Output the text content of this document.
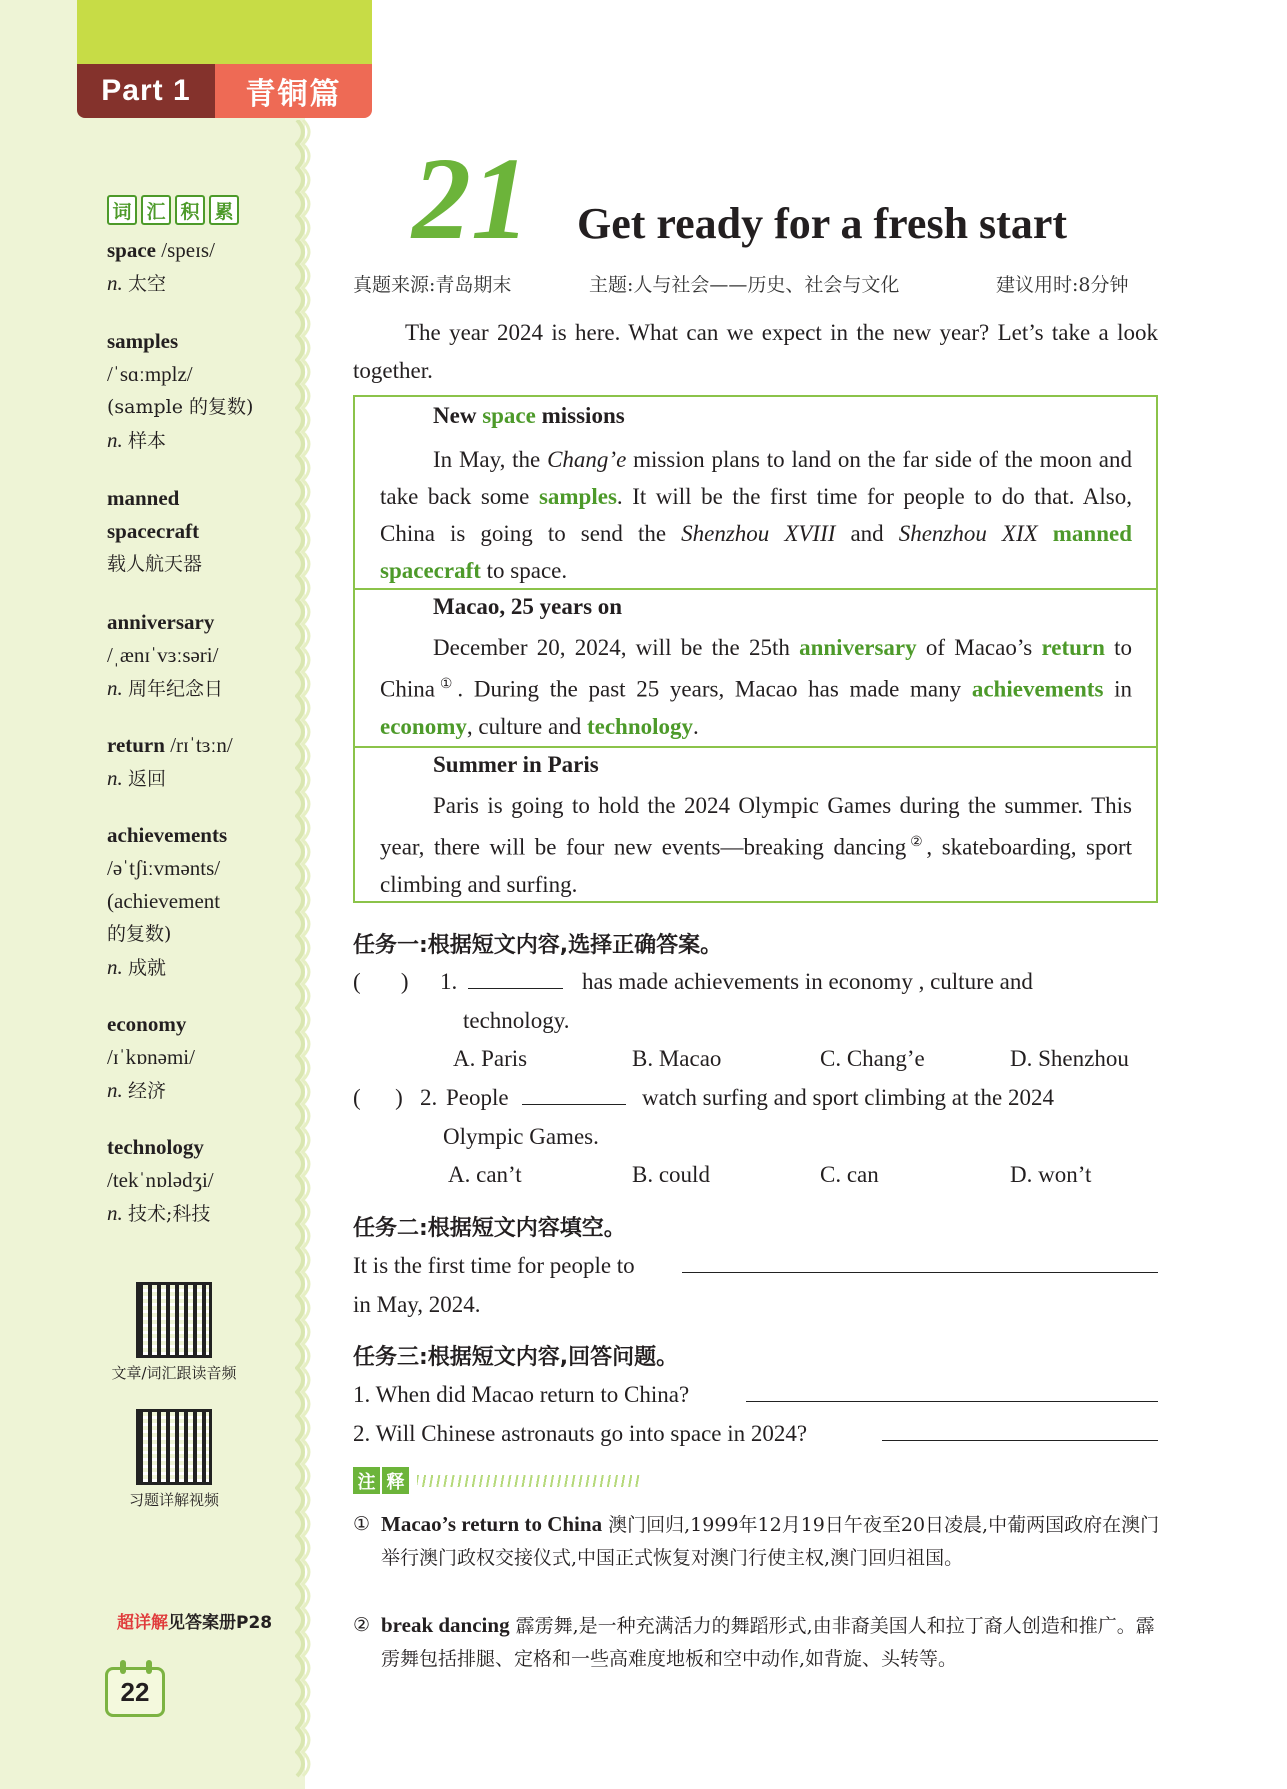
Part 1	青铜篇
词 汇 积 累
space /speɪs/
n. 太空
samples
/ˈsɑːmplz/
(sample 的复数)
n. 样本
manned
spacecraft
载人航天器
anniversary
/ˌænɪˈvɜːsəri/
n. 周年纪念日
return /rɪˈtɜːn/
n. 返回
achievements
/əˈtʃiːvmənts/
(achievement
的复数)
n. 成就
economy
/ɪˈkɒnəmi/
n. 经济
technology
/tekˈnɒlədʒi/
n. 技术;科技
文章/词汇跟读音频
习题详解视频
超详解见答案册P28
22
21 Get ready for a fresh start
真题来源:青岛期末	主题:人与社会——历史、社会与文化	建议用时:8分钟
The year 2024 is here. What can we expect in the new year? Let’s take a look together.
New space missions
In May, the Chang’e mission plans to land on the far side of the moon and take back some samples. It will be the first time for people to do that. Also, China is going to send the Shenzhou XVIII and Shenzhou XIX manned spacecraft to space.
Macao, 25 years on
December 20, 2024, will be the 25th anniversary of Macao’s return to China①. During the past 25 years, Macao has made many achievements in economy, culture and technology.
Summer in Paris
Paris is going to hold the 2024 Olympic Games during the summer. This year, there will be four new events—breaking dancing②, skateboarding, sport climbing and surfing.
任务一:根据短文内容,选择正确答案。
(       ) 1.	has made achievements in economy , culture and
technology.
A. Paris	B. Macao	C. Chang’e	D. Shenzhou
(      ) 2. People	watch surfing and sport climbing at the 2024
Olympic Games.
A. can’t	B. could	C. can	D. won’t
任务二:根据短文内容填空。
It is the first time for people to
in May, 2024.
任务三:根据短文内容,回答问题。
1. When did Macao return to China?
2. Will Chinese astronauts go into space in 2024?
注 释
① Macao’s return to China 澳门回归,1999年12月19日午夜至20日凌晨,中葡两国政府在澳门举行澳门政权交接仪式,中国正式恢复对澳门行使主权,澳门回归祖国。
② break dancing 霹雳舞,是一种充满活力的舞蹈形式,由非裔美国人和拉丁裔人创造和推广。霹雳舞包括排腿、定格和一些高难度地板和空中动作,如背旋、头转等。
